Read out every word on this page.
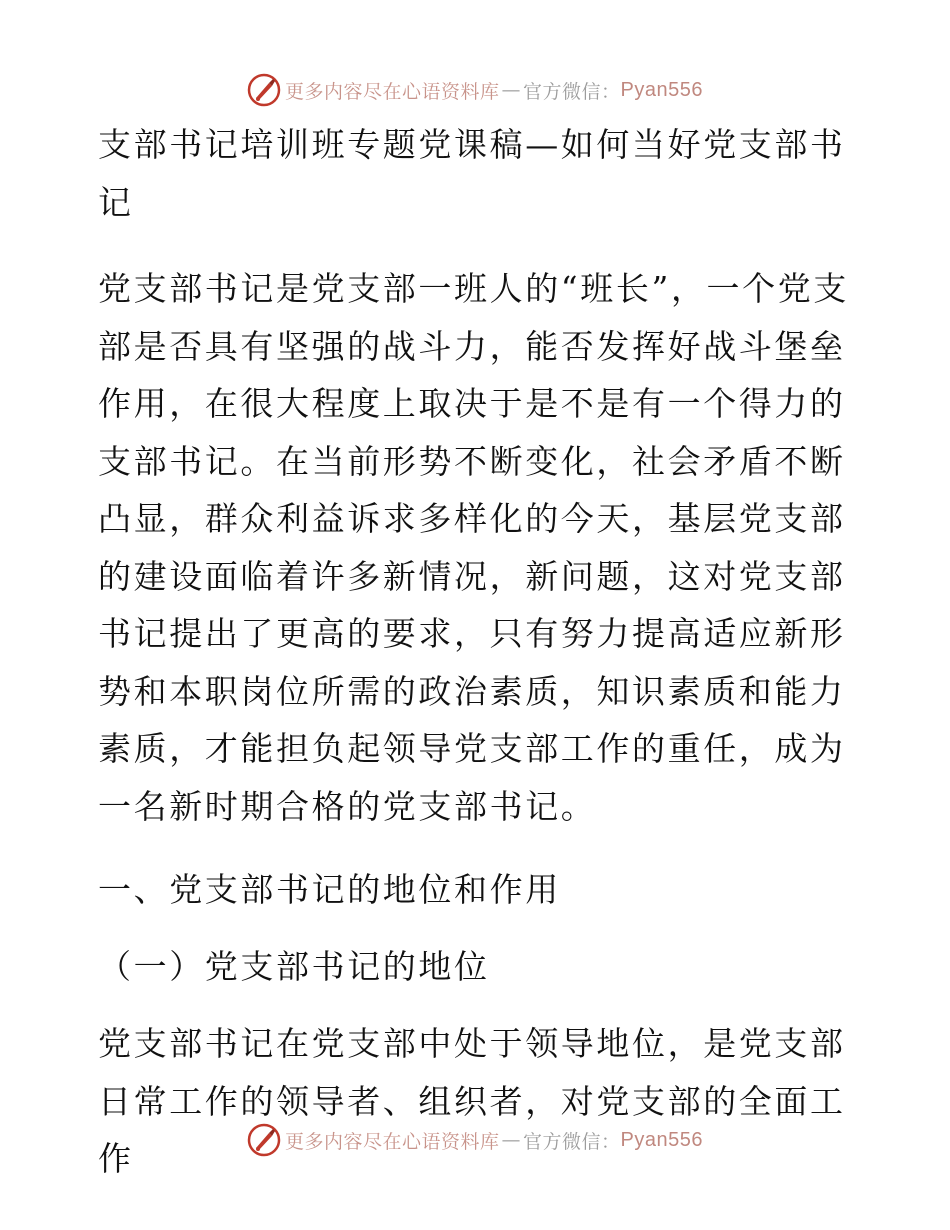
更多内容尽在心语资料库 — 官方微信： Pyan556
支部书记培训班专题党课稿—如何当好党支部书记

党支部书记是党支部一班人的“班长”，一个党支部是否具有坚强的战斗力，能否发挥好战斗堡垒作用，在很大程度上取决于是不是有一个得力的支部书记。在当前形势不断变化，社会矛盾不断凸显，群众利益诉求多样化的今天，基层党支部的建设面临着许多新情况，新问题，这对党支部书记提出了更高的要求，只有努力提高适应新形势和本职岗位所需的政治素质，知识素质和能力素质，才能担负起领导党支部工作的重任，成为一名新时期合格的党支部书记。

一、党支部书记的地位和作用

（一）党支部书记的地位

党支部书记在党支部中处于领导地位，是党支部日常工作的领导者、组织者，对党支部的全面工作	更多内容尽在心语资料库 — 官方微信： Pyan556
